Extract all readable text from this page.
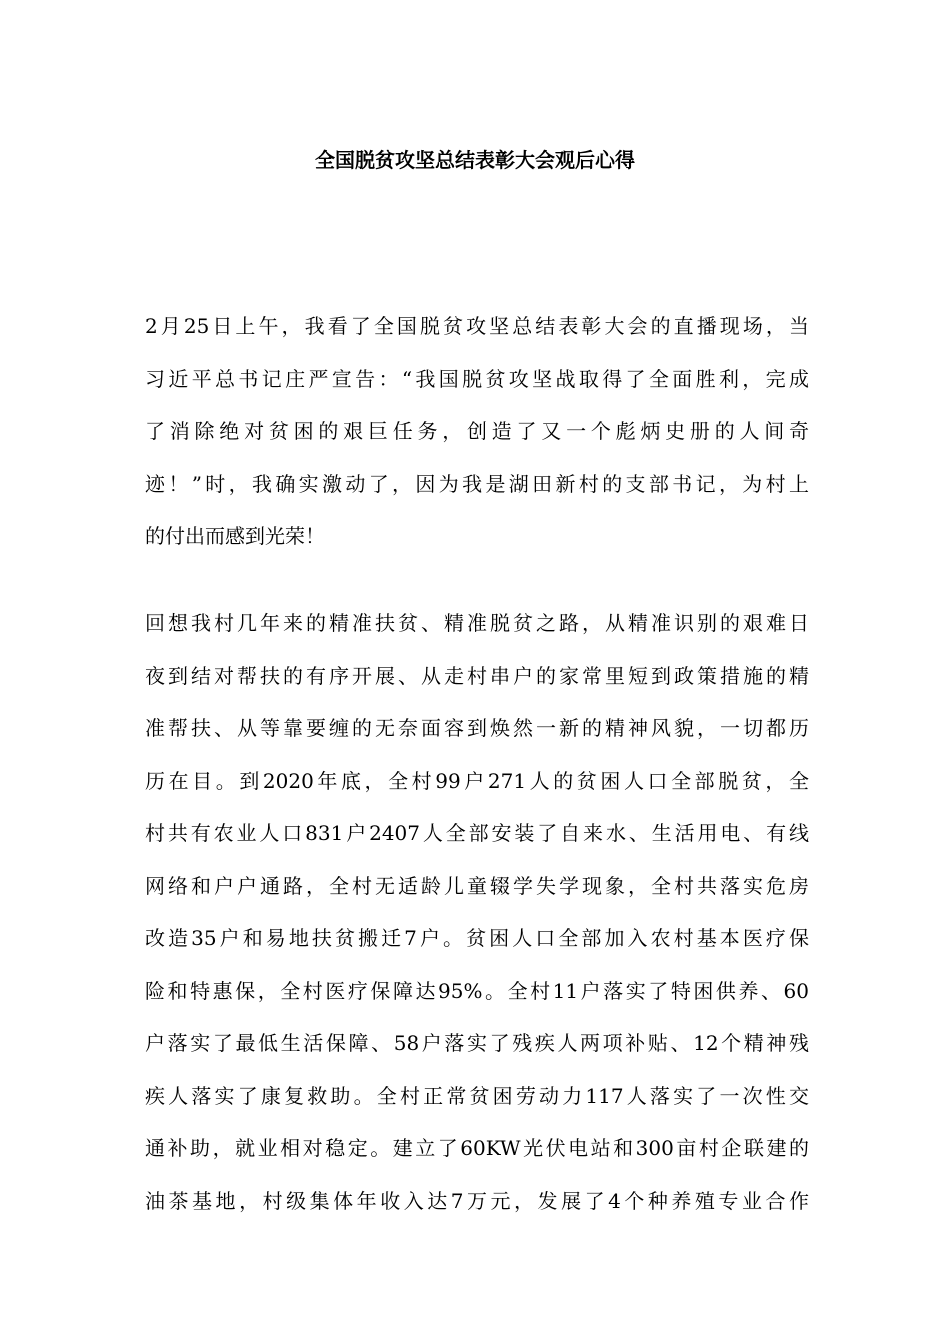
全国脱贫攻坚总结表彰大会观后心得
2月25日上午，我看了全国脱贫攻坚总结表彰大会的直播现场，当
习近平总书记庄严宣告：“我国脱贫攻坚战取得了全面胜利，完成
了消除绝对贫困的艰巨任务，创造了又一个彪炳史册的人间奇
迹！”时，我确实激动了，因为我是湖田新村的支部书记，为村上
的付出而感到光荣！
回想我村几年来的精准扶贫、精准脱贫之路，从精准识别的艰难日
夜到结对帮扶的有序开展、从走村串户的家常里短到政策措施的精
准帮扶、从等靠要缠的无奈面容到焕然一新的精神风貌，一切都历
历在目。到2020年底，全村99户271人的贫困人口全部脱贫，全
村共有农业人口831户2407人全部安装了自来水、生活用电、有线
网络和户户通路，全村无适龄儿童辍学失学现象，全村共落实危房
改造35户和易地扶贫搬迁7户。贫困人口全部加入农村基本医疗保
险和特惠保，全村医疗保障达95%。全村11户落实了特困供养、60
户落实了最低生活保障、58户落实了残疾人两项补贴、12个精神残
疾人落实了康复救助。全村正常贫困劳动力117人落实了一次性交
通补助，就业相对稳定。建立了60KW光伏电站和300亩村企联建的
油茶基地，村级集体年收入达7万元，发展了4个种养殖专业合作
